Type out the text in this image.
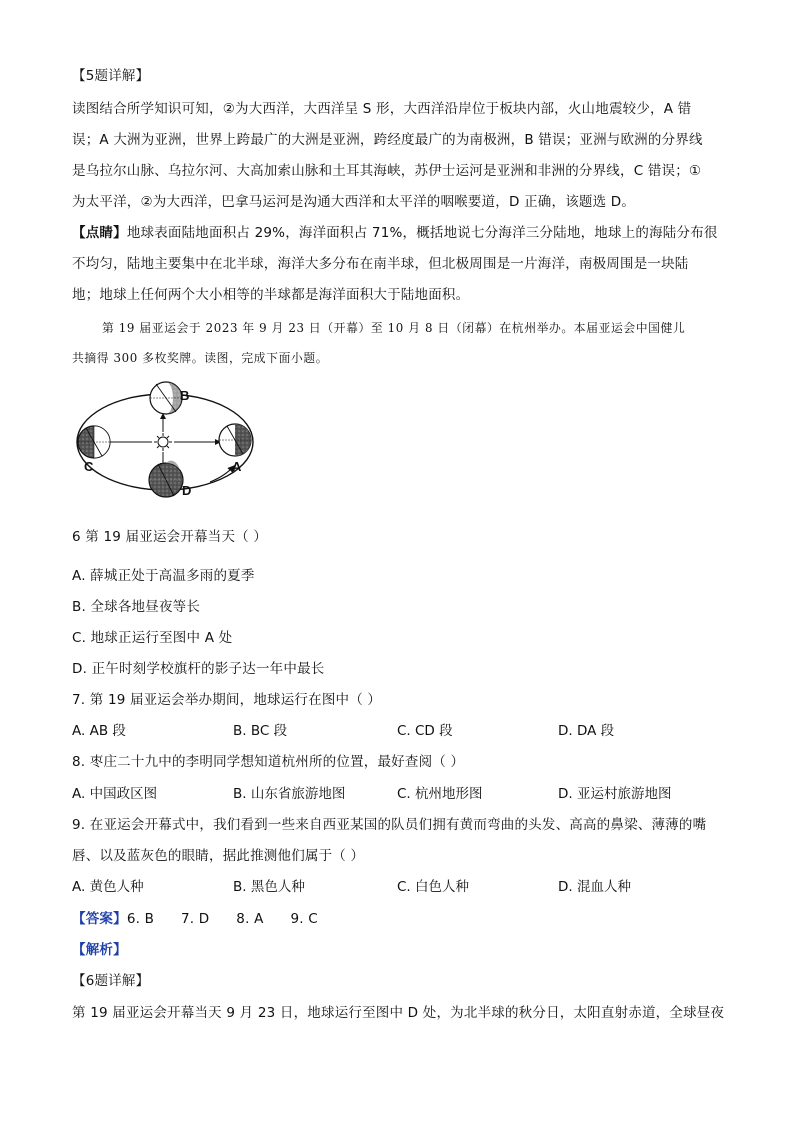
【5题详解】
读图结合所学知识可知，②为大西洋，大西洋呈 S 形，大西洋沿岸位于板块内部，火山地震较少，A 错
误；A 大洲为亚洲，世界上跨最广的大洲是亚洲，跨经度最广的为南极洲，B 错误；亚洲与欧洲的分界线
是乌拉尔山脉、乌拉尔河、大高加索山脉和土耳其海峡，苏伊士运河是亚洲和非洲的分界线，C 错误；①
为太平洋，②为大西洋，巴拿马运河是沟通大西洋和太平洋的咽喉要道，D 正确，该题选 D。
【点睛】地球表面陆地面积占 29%，海洋面积占 71%，概括地说七分海洋三分陆地，地球上的海陆分布很
不均匀，陆地主要集中在北半球，海洋大多分布在南半球，但北极周围是一片海洋，南极周围是一块陆
地；地球上任何两个大小相等的半球都是海洋面积大于陆地面积。
第 19 届亚运会于 2023 年 9 月 23 日（开幕）至 10 月 8 日（闭幕）在杭州举办。本届亚运会中国健儿
共摘得 300 多枚奖牌。读图，完成下面小题。
B
C	A
D
6 第 19 届亚运会开幕当天（ ）
A. 薛城正处于高温多雨的夏季
B. 全球各地昼夜等长
C. 地球正运行至图中 A 处
D. 正午时刻学校旗杆的影子达一年中最长
7. 第 19 届亚运会举办期间，地球运行在图中（ ）
A. AB 段	B. BC 段	C. CD 段	D. DA 段
8. 枣庄二十九中的李明同学想知道杭州所的位置，最好查阅（ ）
A. 中国政区图	B. 山东省旅游地图	C. 杭州地形图	D. 亚运村旅游地图
9. 在亚运会开幕式中，我们看到一些来自西亚某国的队员们拥有黄而弯曲的头发、高高的鼻梁、薄薄的嘴
唇、以及蓝灰色的眼睛，据此推测他们属于（ ）
A. 黄色人种	B. 黑色人种	C. 白色人种	D. 混血人种
【答案】6. B      7. D      8. A      9. C
【解析】
【6题详解】
第 19 届亚运会开幕当天 9 月 23 日，地球运行至图中 D 处，为北半球的秋分日，太阳直射赤道，全球昼夜
